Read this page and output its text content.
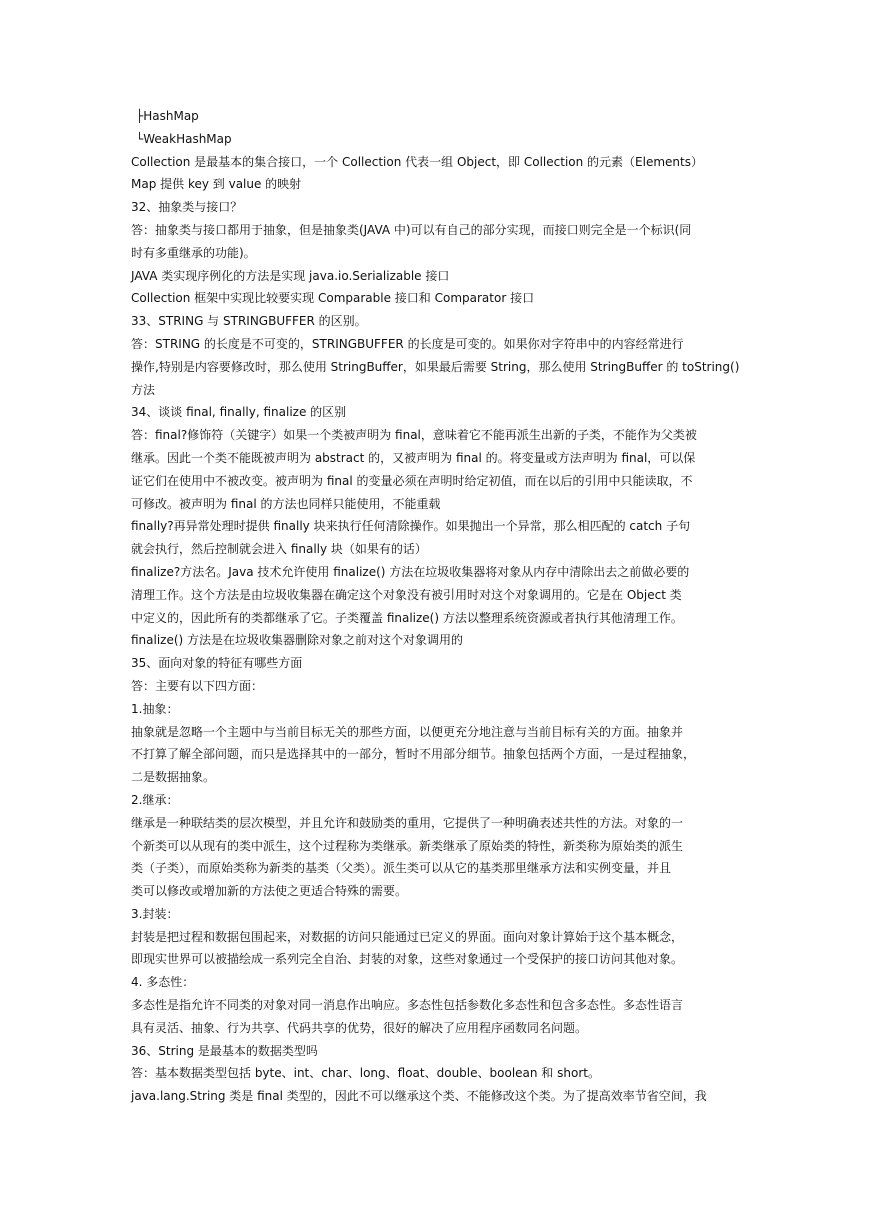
├HashMap

└WeakHashMap

Collection 是最基本的集合接口，一个 Collection 代表一组 Object，即 Collection 的元素（Elements）

Map 提供 key 到 value 的映射

32、抽象类与接口？

答：抽象类与接口都用于抽象，但是抽象类(JAVA 中)可以有自己的部分实现，而接口则完全是一个标识(同

时有多重继承的功能)。

JAVA 类实现序例化的方法是实现 java.io.Serializable 接口

Collection 框架中实现比较要实现 Comparable 接口和 Comparator 接口

33、STRING 与 STRINGBUFFER 的区别。

答：STRING 的长度是不可变的，STRINGBUFFER 的长度是可变的。如果你对字符串中的内容经常进行

操作,特别是内容要修改时，那么使用 StringBuffer，如果最后需要 String，那么使用 StringBuffer 的 toString()

方法

34、谈谈 final, finally, finalize 的区别

答：final?修饰符（关键字）如果一个类被声明为 final，意味着它不能再派生出新的子类，不能作为父类被

继承。因此一个类不能既被声明为 abstract 的，又被声明为 final 的。将变量或方法声明为 final，可以保

证它们在使用中不被改变。被声明为 final 的变量必须在声明时给定初值，而在以后的引用中只能读取，不

可修改。被声明为 final 的方法也同样只能使用，不能重载

finally?再异常处理时提供 finally 块来执行任何清除操作。如果抛出一个异常，那么相匹配的 catch 子句

就会执行，然后控制就会进入 finally 块（如果有的话）

finalize?方法名。Java 技术允许使用 finalize() 方法在垃圾收集器将对象从内存中清除出去之前做必要的

清理工作。这个方法是由垃圾收集器在确定这个对象没有被引用时对这个对象调用的。它是在 Object 类

中定义的，因此所有的类都继承了它。子类覆盖 finalize() 方法以整理系统资源或者执行其他清理工作。

finalize() 方法是在垃圾收集器删除对象之前对这个对象调用的

35、面向对象的特征有哪些方面

答：主要有以下四方面：

1.抽象：

抽象就是忽略一个主题中与当前目标无关的那些方面，以便更充分地注意与当前目标有关的方面。抽象并

不打算了解全部问题，而只是选择其中的一部分，暂时不用部分细节。抽象包括两个方面，一是过程抽象，

二是数据抽象。

2.继承：

继承是一种联结类的层次模型，并且允许和鼓励类的重用，它提供了一种明确表述共性的方法。对象的一

个新类可以从现有的类中派生，这个过程称为类继承。新类继承了原始类的特性，新类称为原始类的派生

类（子类），而原始类称为新类的基类（父类）。派生类可以从它的基类那里继承方法和实例变量，并且

类可以修改或增加新的方法使之更适合特殊的需要。

3.封装：

封装是把过程和数据包围起来，对数据的访问只能通过已定义的界面。面向对象计算始于这个基本概念，

即现实世界可以被描绘成一系列完全自治、封装的对象，这些对象通过一个受保护的接口访问其他对象。

4. 多态性：

多态性是指允许不同类的对象对同一消息作出响应。多态性包括参数化多态性和包含多态性。多态性语言

具有灵活、抽象、行为共享、代码共享的优势，很好的解决了应用程序函数同名问题。

36、String 是最基本的数据类型吗

答：基本数据类型包括 byte、int、char、long、float、double、boolean 和 short。

java.lang.String 类是 final 类型的，因此不可以继承这个类、不能修改这个类。为了提高效率节省空间，我
